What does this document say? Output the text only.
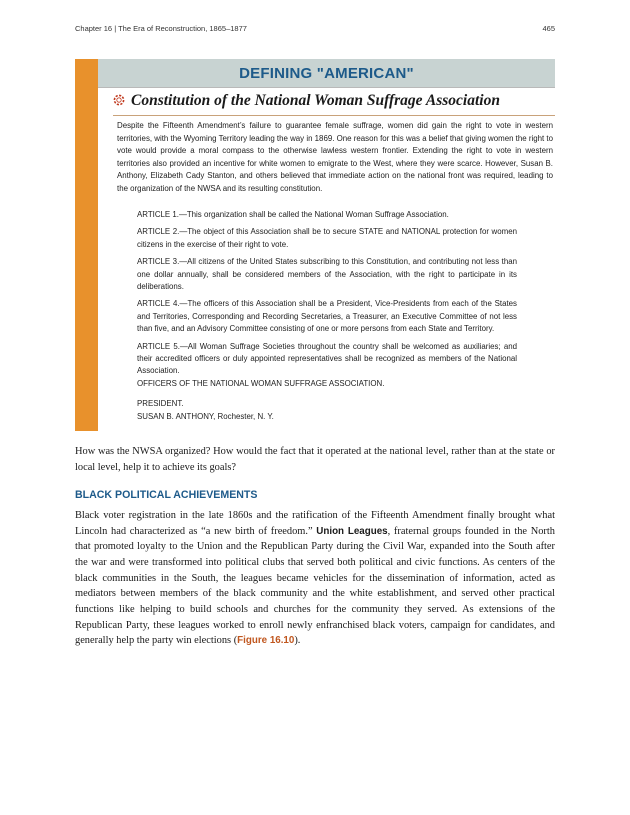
Chapter 16 | The Era of Reconstruction, 1865–1877	465
DEFINING "AMERICAN"
Constitution of the National Woman Suffrage Association
Despite the Fifteenth Amendment’s failure to guarantee female suffrage, women did gain the right to vote in western territories, with the Wyoming Territory leading the way in 1869. One reason for this was a belief that giving women the right to vote would provide a moral compass to the otherwise lawless western frontier. Extending the right to vote in western territories also provided an incentive for white women to emigrate to the West, where they were scarce. However, Susan B. Anthony, Elizabeth Cady Stanton, and others believed that immediate action on the national front was required, leading to the organization of the NWSA and its resulting constitution.

ARTICLE 1.—This organization shall be called the National Woman Suffrage Association.

ARTICLE 2.—The object of this Association shall be to secure STATE and NATIONAL protection for women citizens in the exercise of their right to vote.

ARTICLE 3.—All citizens of the United States subscribing to this Constitution, and contributing not less than one dollar annually, shall be considered members of the Association, with the right to participate in its deliberations.

ARTICLE 4.—The officers of this Association shall be a President, Vice-Presidents from each of the States and Territories, Corresponding and Recording Secretaries, a Treasurer, an Executive Committee of not less than five, and an Advisory Committee consisting of one or more persons from each State and Territory.

ARTICLE 5.—All Woman Suffrage Societies throughout the country shall be welcomed as auxiliaries; and their accredited officers or duly appointed representatives shall be recognized as members of the National Association.

OFFICERS OF THE NATIONAL WOMAN SUFFRAGE ASSOCIATION.

PRESIDENT.

SUSAN B. ANTHONY, Rochester, N. Y.

How was the NWSA organized? How would the fact that it operated at the national level, rather than at the state or local level, help it to achieve its goals?
BLACK POLITICAL ACHIEVEMENTS
Black voter registration in the late 1860s and the ratification of the Fifteenth Amendment finally brought what Lincoln had characterized as “a new birth of freedom.” Union Leagues, fraternal groups founded in the North that promoted loyalty to the Union and the Republican Party during the Civil War, expanded into the South after the war and were transformed into political clubs that served both political and civic functions. As centers of the black communities in the South, the leagues became vehicles for the dissemination of information, acted as mediators between members of the black community and the white establishment, and served other practical functions like helping to build schools and churches for the community they served. As extensions of the Republican Party, these leagues worked to enroll newly enfranchised black voters, campaign for candidates, and generally help the party win elections (Figure 16.10).
